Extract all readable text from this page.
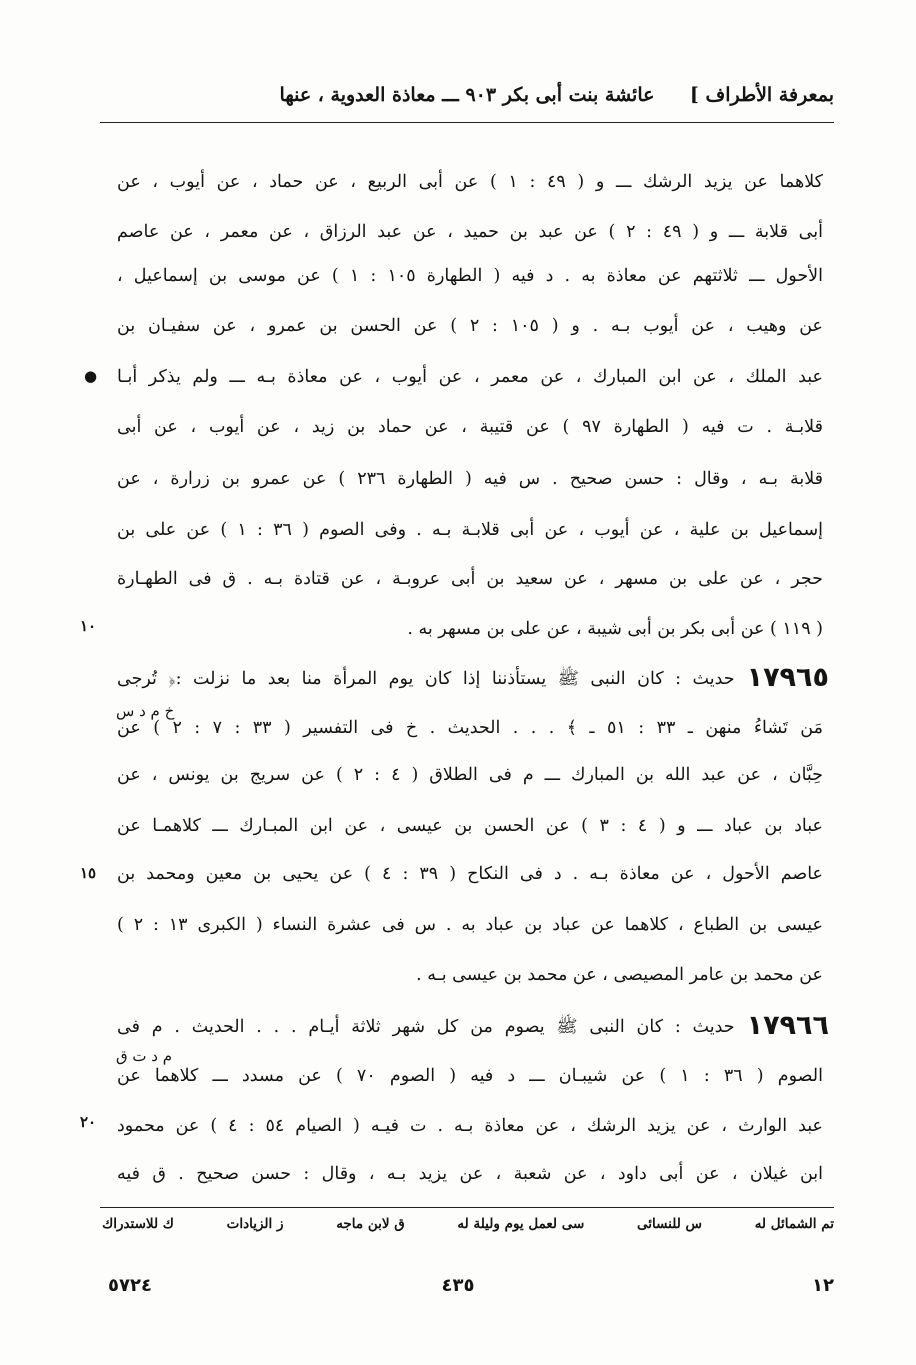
بمعرفة الأطراف ]
عائشة بنت أبى بكر ٩٠٣ ـــ معاذة العدوية ، عنها
كلاهما عن يزيد الرشك ـــ و ( ٤٩ : ١ ) عن أبى الربيع ، عن حماد ، عن أيوب ، عن
أبى قلابة ـــ و ( ٤٩ : ٢ ) عن عبد بن حميد ، عن عبد الرزاق ، عن معمر ، عن عاصم
الأحول ـــ ثلاثتهم عن معاذة به . د فيه ( الطهارة ١٠٥ : ١ ) عن موسى بن إسماعيل ،
عن وهيب ، عن أيوب بـه . و ( ١٠٥ : ٢ ) عن الحسن بن عمرو ، عن سفيـان بن
عبد الملك ، عن ابن المبارك ، عن معمر ، عن أيوب ، عن معاذة بـه ـــ ولم يذكر أبـا
قلابـة . ت فيه ( الطهارة ٩٧ ) عن قتيبة ، عن حماد بن زيد ، عن أيوب ، عن أبى
قلابة بـه ، وقال : حسن صحيح . س فيه ( الطهارة ٢٣٦ ) عن عمرو بن زرارة ، عن
إسماعيل بن علية ، عن أيوب ، عن أبى قلابـة بـه . وفى الصوم ( ٣٦ : ١ ) عن على بن
حجر ، عن على بن مسهر ، عن سعيد بن أبى عروبـة ، عن قتادة بـه . ق فى الطهـارة
( ١١٩ ) عن أبى بكر بن أبى شيبة ، عن على بن مسهر به .
١٧٩٦٥حديث : كان النبى ﷺ يستأذننا إذا كان يوم المرأة منا بعد ما نزلت :﴿ تُرجى
مَن تَشاءُ منهن ـ ٣٣ : ٥١ ـ ﴾ . . . الحديث . خ فى التفسير ( ٣٣ : ٧ : ٢ ) عن
حِبَّان ، عن عبد الله بن المبارك ـــ م فى الطلاق ( ٤ : ٢ ) عن سريج بن يونس ، عن
عباد بن عباد ـــ و ( ٤ : ٣ ) عن الحسن بن عيسى ، عن ابن المبـارك ـــ كلاهمـا عن
عاصم الأحول ، عن معاذة بـه . د فى النكاح ( ٣٩ : ٤ ) عن يحيى بن معين ومحمد بن
عيسى بن الطباع ، كلاهما عن عباد بن عباد به . س فى عشرة النساء ( الكبرى ١٣ : ٢ )
عن محمد بن عامر المصيصى ، عن محمد بن عيسى بـه .
١٧٩٦٦حديث : كان النبى ﷺ يصوم من كل شهر ثلاثة أيـام . . . الحديث . م فى
الصوم ( ٣٦ : ١ ) عن شيبـان ـــ د فيه ( الصوم ٧٠ ) عن مسدد ـــ كلاهما عن
عبد الوارث ، عن يزيد الرشك ، عن معاذة بـه . ت فيـه ( الصيام ٥٤ : ٤ ) عن محمود
ابن غيلان ، عن أبى داود ، عن شعبة ، عن يزيد بـه ، وقال : حسن صحيح . ق فيه
●
١٠
١٥
٢٠
خ م د س
م د ت ق
تم الشمائل له
س للنسائى
سى لعمل يوم وليلة له
ق لابن ماجه
ز الزيادات
ك للاستدراك
١٢
٤٣٥
٥٧٢٤
